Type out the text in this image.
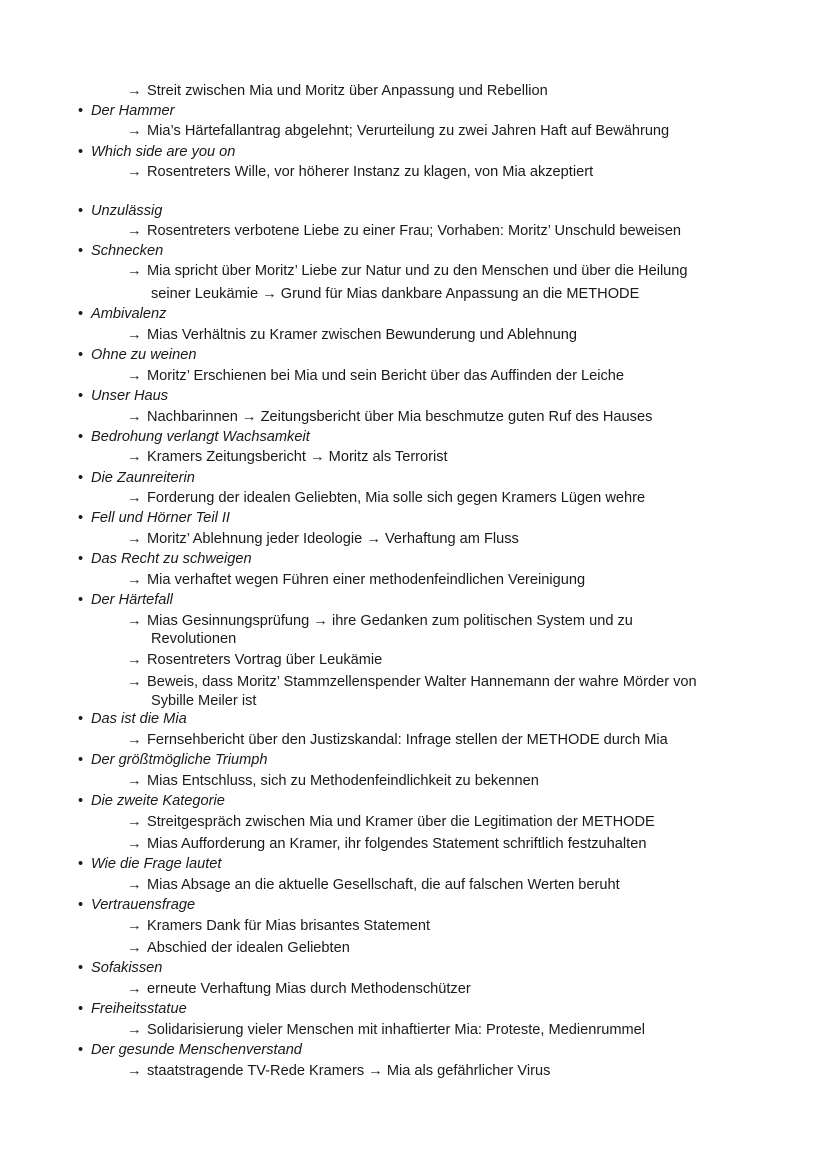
→ Streit zwischen Mia und Moritz über Anpassung und Rebellion
• Der Hammer
→ Mia’s Härtefallantrag abgelehnt; Verurteilung zu zwei Jahren Haft auf Bewährung
• Which side are you on
→ Rosentreters Wille, vor höherer Instanz zu klagen, von Mia akzeptiert
• Unzulässig
→ Rosentreters verbotene Liebe zu einer Frau; Vorhaben: Moritz’ Unschuld beweisen
• Schnecken
→ Mia spricht über Moritz’ Liebe zur Natur und zu den Menschen und über die Heilung
seiner Leukämie → Grund für Mias dankbare Anpassung an die METHODE
• Ambivalenz
→ Mias Verhältnis zu Kramer zwischen Bewunderung und Ablehnung
• Ohne zu weinen
→ Moritz’ Erschienen bei Mia und sein Bericht über das Auffinden der Leiche
• Unser Haus
→ Nachbarinnen → Zeitungsbericht über Mia beschmutze guten Ruf des Hauses
• Bedrohung verlangt Wachsamkeit
→ Kramers Zeitungsbericht → Moritz als Terrorist
• Die Zaunreiterin
→ Forderung der idealen Geliebten, Mia solle sich gegen Kramers Lügen wehre
• Fell und Hörner Teil II
→ Moritz’ Ablehnung jeder Ideologie → Verhaftung am Fluss
• Das Recht zu schweigen
→ Mia verhaftet wegen Führen einer methodenfeindlichen Vereinigung
• Der Härtefall
→ Mias Gesinnungsprüfung → ihre Gedanken zum politischen System und zu
Revolutionen
→ Rosentreters Vortrag über Leukämie
→ Beweis, dass Moritz’ Stammzellenspender Walter Hannemann der wahre Mörder von
Sybille Meiler ist
• Das ist die Mia
→ Fernsehbericht über den Justizskandal: Infrage stellen der METHODE durch Mia
• Der größtmögliche Triumph
→ Mias Entschluss, sich zu Methodenfeindlichkeit zu bekennen
• Die zweite Kategorie
→ Streitgespräch zwischen Mia und Kramer über die Legitimation der METHODE
→ Mias Aufforderung an Kramer, ihr folgendes Statement schriftlich festzuhalten
• Wie die Frage lautet
→ Mias Absage an die aktuelle Gesellschaft, die auf falschen Werten beruht
• Vertrauensfrage
→ Kramers Dank für Mias brisantes Statement
→ Abschied der idealen Geliebten
• Sofakissen
→ erneute Verhaftung Mias durch Methodenschützer
• Freiheitsstatue
→ Solidarisierung vieler Menschen mit inhaftierter Mia: Proteste, Medienrummel
• Der gesunde Menschenverstand
→ staatstragende TV-Rede Kramers → Mia als gefährlicher Virus
